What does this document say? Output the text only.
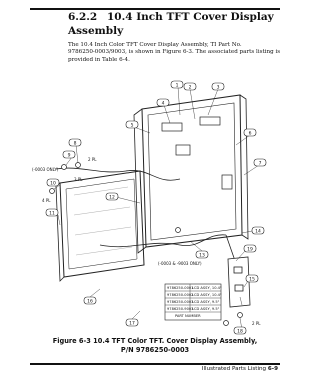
6.2.2 10.4 Inch TFT Cover Display
Assembly

The 10.4 Inch Color TFT Cover Display Assembly, TI Part No.

9786250-0003/9003, is shown in Figure 6-3. The associated parts listing is

provided in Table 6-4.

1 2	3
4
5
6
7
8
9
10
11
12
13
14
15
16
17
18
19
(-0003 ONLY)
(-0003 & -9003 ONLY)
2 PL
3 PL
4 PL
2 PL
9786250-0001
LCD ASSY, 10.4"
9786250-0002
LCD ASSY, 10.4"
9786250-0003
LCD ASSY, 9.5"
9786250-9003
LCD ASSY, 9.5"
PART NUMBER
Figure 6-3 10.4 TFT Color TFT. Cover Display Assembly,
P/N 9786250-0003
Illustrated Parts Listing 6-9
